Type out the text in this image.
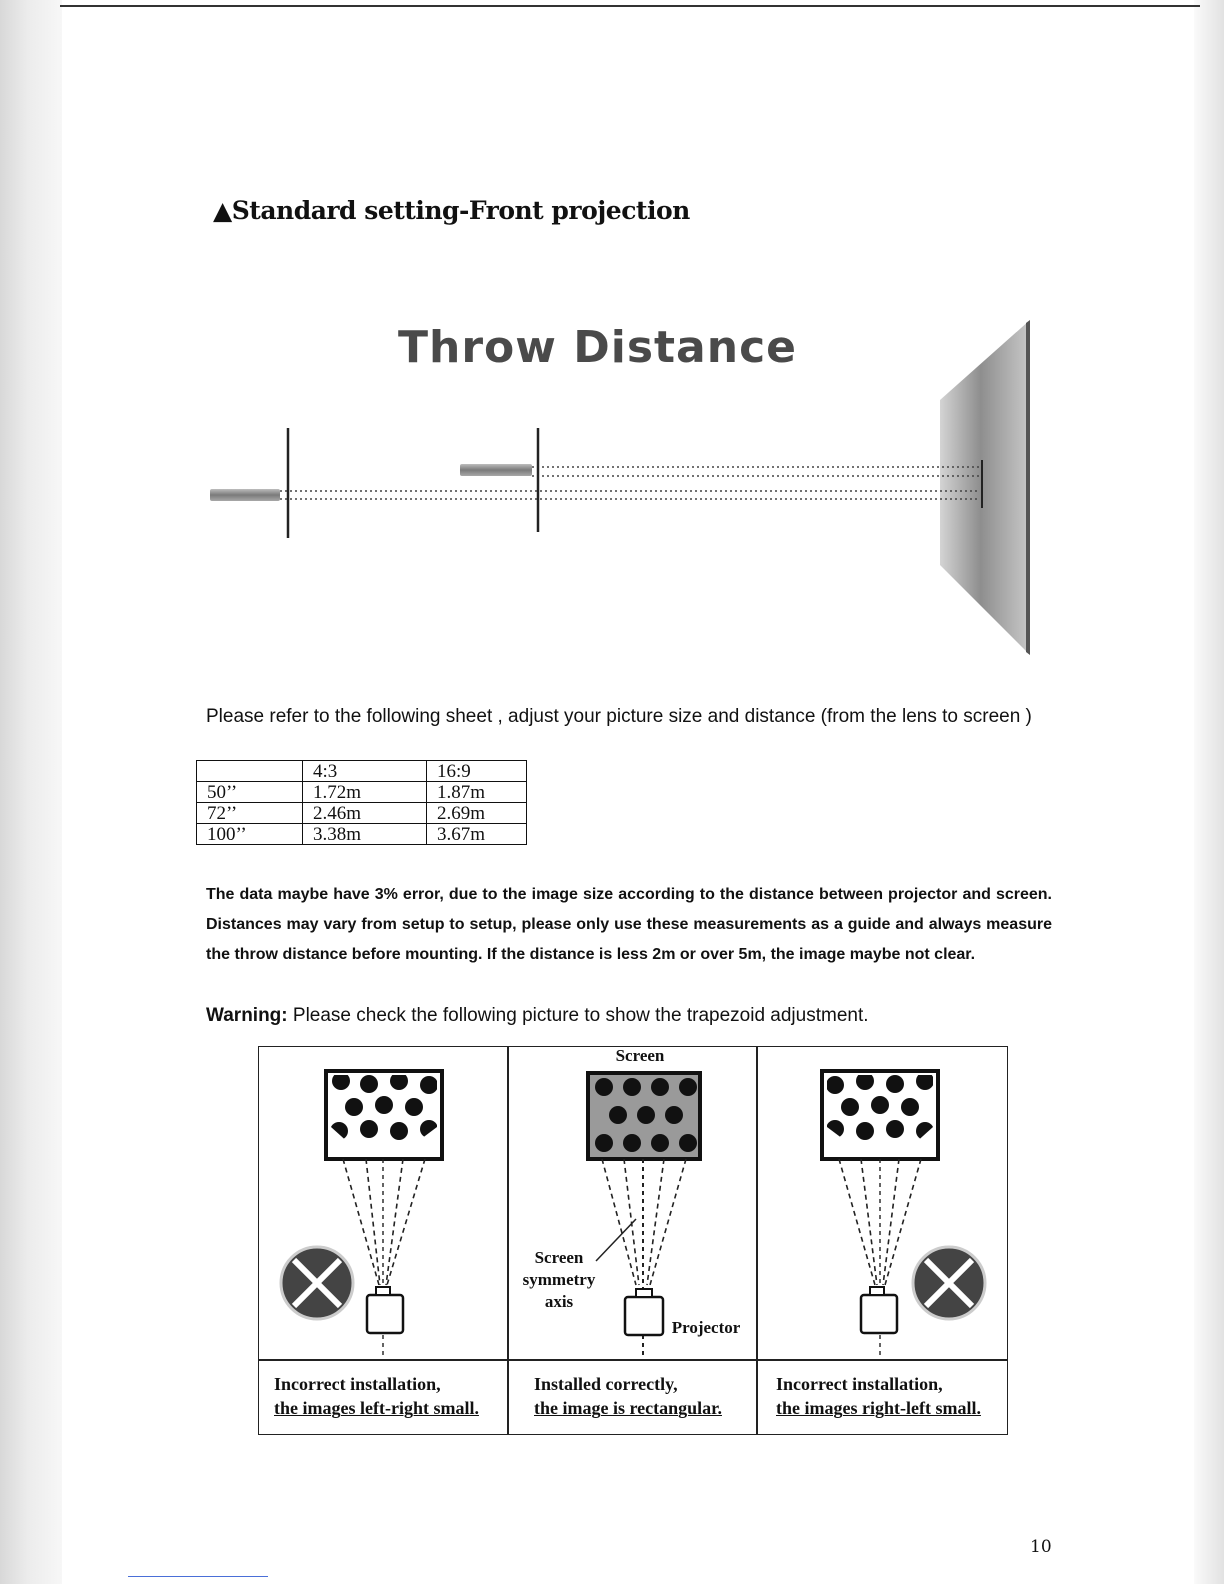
▲Standard setting-Front projection
Throw Distance

Please refer to the following sheet , adjust your picture size and distance (from the lens to screen )

	4:3	16:9
50’’	1.72m	1.87m
72’’	2.46m	2.69m
100’’	3.38m	3.67m

The data maybe have 3% error, due to the image size according to the distance between projector and screen. Distances may vary from setup to setup, please only use these measurements as a guide and always measure the throw distance before mounting. If the distance is less 2m or over 5m, the image maybe not clear.

Warning: Please check the following picture to show the trapezoid adjustment.

Screen

Screen
symmetry
axis

Projector

Incorrect installation,
the images left-right small.

Installed correctly,
the image is rectangular.

Incorrect installation,
the images right-left small.

10
